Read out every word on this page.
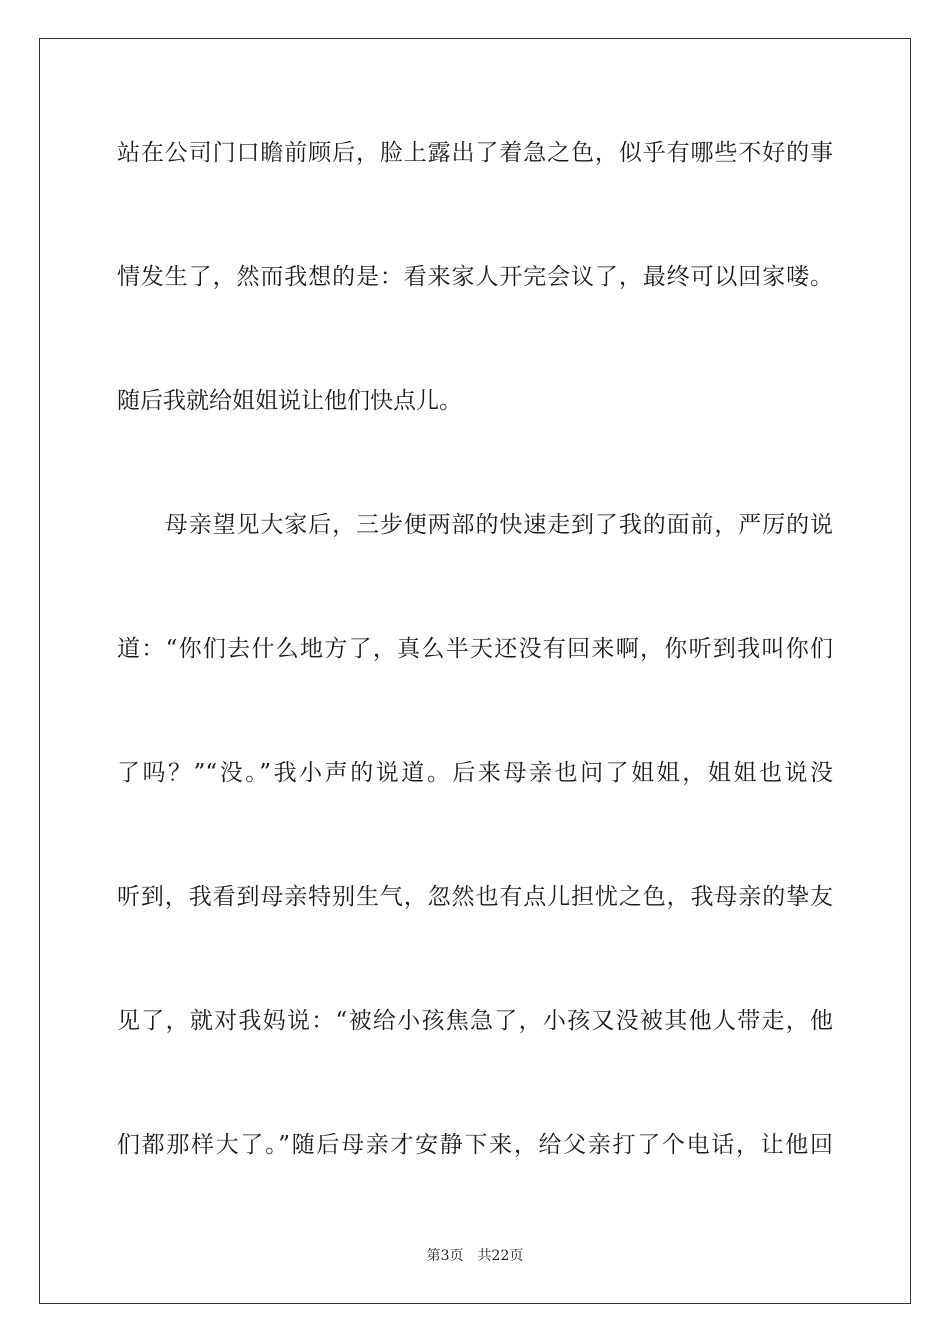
站在公司门口瞻前顾后，脸上露出了着急之色，似乎有哪些不好的事
情发生了，然而我想的是：看来家人开完会议了，最终可以回家喽。
随后我就给姐姐说让他们快点儿。
　　母亲望见大家后，三步便两部的快速走到了我的面前，严厉的说
道：“你们去什么地方了，真么半天还没有回来啊，你听到我叫你们
了吗？”“没。”我小声的说道。后来母亲也问了姐姐，姐姐也说没
听到，我看到母亲特别生气，忽然也有点儿担忧之色，我母亲的挚友
见了，就对我妈说：“被给小孩焦急了，小孩又没被其他人带走，他
们都那样大了。”随后母亲才安静下来，给父亲打了个电话，让他回
第3页 共22页
